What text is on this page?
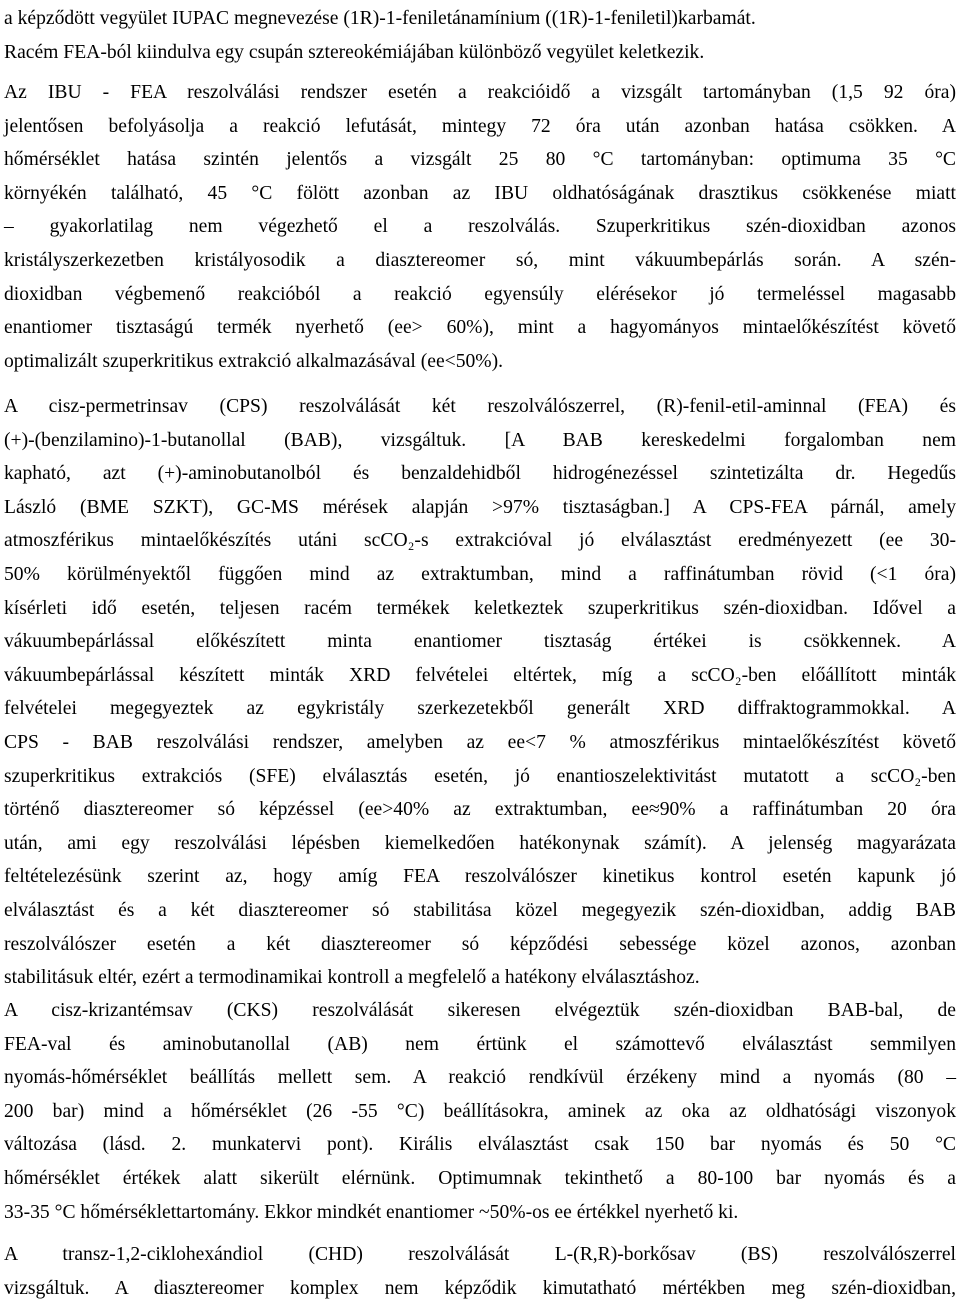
a képződött vegyület IUPAC megnevezése (1R)-1-feniletánamínium ((1R)-1-feniletil)karbamát.
Racém FEA-ból kiindulva egy csupán sztereokémiájában különböző vegyület keletkezik.
Az IBU - FEA reszolválási rendszer esetén a reakcióidő a vizsgált tartományban (1,5 92 óra)
jelentősen befolyásolja a reakció lefutását, mintegy 72 óra után azonban hatása csökken. A
hőmérséklet hatása szintén jelentős a vizsgált 25 80 °C tartományban: optimuma 35 °C
környékén található, 45 °C fölött azonban az IBU oldhatóságának drasztikus csökkenése miatt
– gyakorlatilag nem végezhető el a reszolválás. Szuperkritikus szén-dioxidban azonos
kristályszerkezetben kristályosodik a diasztereomer só, mint vákuumbepárlás során. A szén-
dioxidban végbemenő reakcióból a reakció egyensúly elérésekor jó termeléssel magasabb
enantiomer tisztaságú termék nyerhető (ee> 60%), mint a hagyományos mintaelőkészítést követő
optimalizált szuperkritikus extrakció alkalmazásával (ee<50%).
A cisz-permetrinsav (CPS) reszolválását két reszolválószerrel, (R)-fenil-etil-aminnal (FEA) és
(+)-(benzilamino)-1-butanollal (BAB), vizsgáltuk. [A BAB kereskedelmi forgalomban nem
kapható, azt (+)-aminobutanolból és benzaldehidből hidrogénezéssel szintetizálta dr. Hegedűs
László (BME SZKT), GC-MS mérések alapján >97% tisztaságban.] A CPS-FEA párnál, amely
atmoszférikus mintaelőkészítés utáni scCO₂-s extrakcióval jó elválasztást eredményezett (ee 30-
50% körülményektől függően mind az extraktumban, mind a raffinátumban rövid (<1 óra)
kísérleti idő esetén, teljesen racém termékek keletkeztek szuperkritikus szén-dioxidban. Idővel a
vákuumbepárlással előkészített minta enantiomer tisztaság értékei is csökkennek. A
vákuumbepárlással készített minták XRD felvételei eltértek, míg a scCO₂-ben előállított minták
felvételei megegyeztek az egykristály szerkezetekből generált XRD diffraktogrammokkal. A
CPS - BAB reszolválási rendszer, amelyben az ee<7 % atmoszférikus mintaelőkészítést követő
szuperkritikus extrakciós (SFE) elválasztás esetén, jó enantioszelektivitást mutatott a scCO₂-ben
történő diasztereomer só képzéssel (ee>40% az extraktumban, ee≈90% a raffinátumban 20 óra
után, ami egy reszolválási lépésben kiemelkedően hatékonynak számít). A jelenség magyarázata
feltételezésünk szerint az, hogy amíg FEA reszolválószer kinetikus kontrol esetén kapunk jó
elválasztást és a két diasztereomer só stabilitása közel megegyezik szén-dioxidban, addig BAB
reszolválószer esetén a két diasztereomer só képződési sebessége közel azonos, azonban
stabilitásuk eltér, ezért a termodinamikai kontroll a megfelelő a hatékony elválasztáshoz.
A cisz-krizantémsav (CKS) reszolválását sikeresen elvégeztük szén-dioxidban BAB-bal, de
FEA-val és aminobutanollal (AB) nem értünk el számottevő elválasztást semmilyen
nyomás-hőmérséklet beállítás mellett sem. A reakció rendkívül érzékeny mind a nyomás (80 –
200 bar) mind a hőmérséklet (26 -55 °C) beállításokra, aminek az oka az oldhatósági viszonyok
változása (lásd. 2. munkatervi pont). Királis elválasztást csak 150 bar nyomás és 50 °C
hőmérséklet értékek alatt sikerült elérnünk. Optimumnak tekinthető a 80-100 bar nyomás és a
33-35 °C hőmérséklettartomány. Ekkor mindkét enantiomer ~50%-os ee értékkel nyerhető ki.
A transz-1,2-ciklohexándiol (CHD) reszolválását L-(R,R)-borkősav (BS) reszolválószerrel
vizsgáltuk. A diasztereomer komplex nem képződik kimutatható mértékben meg szén-dioxidban,
